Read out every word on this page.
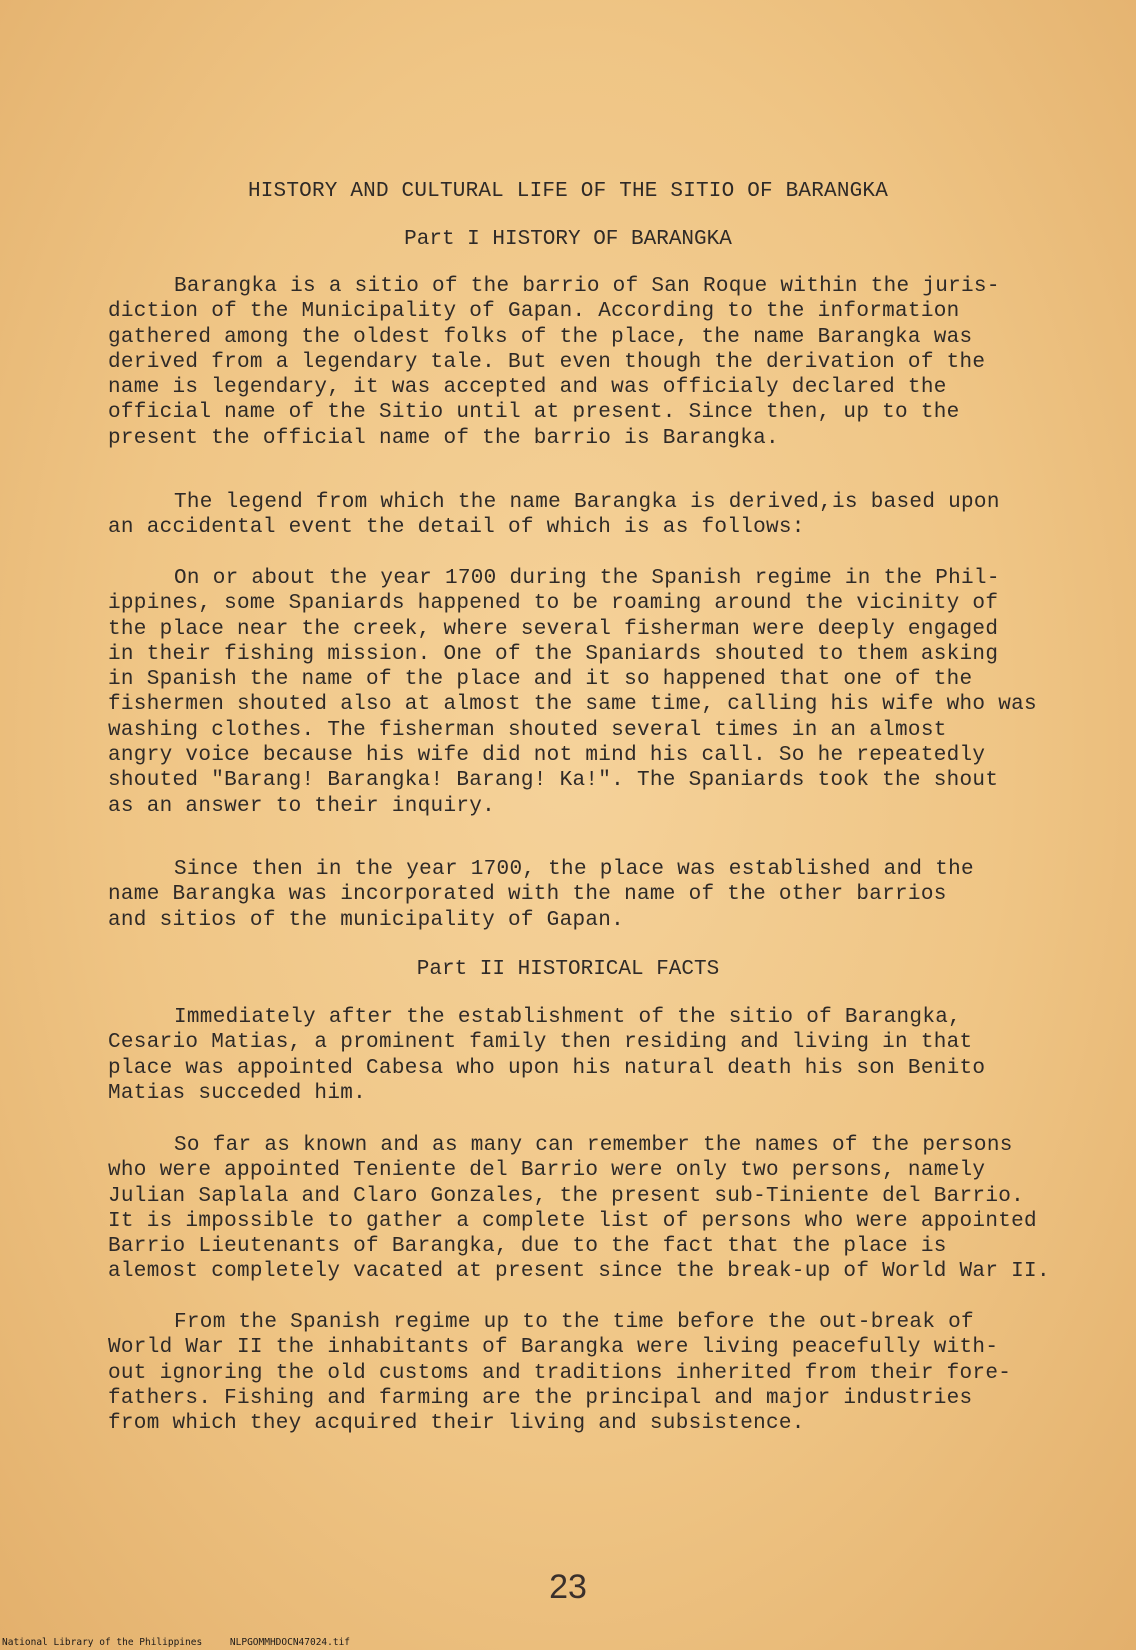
HISTORY AND CULTURAL LIFE OF THE SITIO OF BARANGKA
Part I HISTORY OF BARANGKA

Barangka is a sitio of the barrio of San Roque within the juris-
diction of the Municipality of Gapan. According to the information
gathered among the oldest folks of the place, the name Barangka was
derived from a legendary tale. But even though the derivation of the
name is legendary, it was accepted and was officialy declared the
official name of the Sitio until at present. Since then, up to the
present the official name of the barrio is Barangka.

The legend from which the name Barangka is derived,is based upon
an accidental event the detail of which is as follows:

On or about the year 1700 during the Spanish regime in the Phil-
ippines, some Spaniards happened to be roaming around the vicinity of
the place near the creek, where several fisherman were deeply engaged
in their fishing mission. One of the Spaniards shouted to them asking
in Spanish the name of the place and it so happened that one of the
fishermen shouted also at almost the same time, calling his wife who was
washing clothes. The fisherman shouted several times in an almost
angry voice because his wife did not mind his call. So he repeatedly
shouted "Barang! Barangka! Barang! Ka!". The Spaniards took the shout
as an answer to their inquiry.

Since then in the year 1700, the place was established and the
name Barangka was incorporated with the name of the other barrios
and sitios of the municipality of Gapan.

Part II HISTORICAL FACTS

Immediately after the establishment of the sitio of Barangka,
Cesario Matias, a prominent family then residing and living in that
place was appointed Cabesa who upon his natural death his son Benito
Matias succeded him.

So far as known and as many can remember the names of the persons
who were appointed Teniente del Barrio were only two persons, namely
Julian Saplala and Claro Gonzales, the present sub-Tiniente del Barrio.
It is impossible to gather a complete list of persons who were appointed
Barrio Lieutenants of Barangka, due to the fact that the place is
alemost completely vacated at present since the break-up of World War II.

From the Spanish regime up to the time before the out-break of
World War II the inhabitants of Barangka were living peacefully with-
out ignoring the old customs and traditions inherited from their fore-
fathers. Fishing and farming are the principal and major industries
from which they acquired their living and subsistence.

23
National Library of the Philippines	NLPGOMMHDOCN47024.tif
